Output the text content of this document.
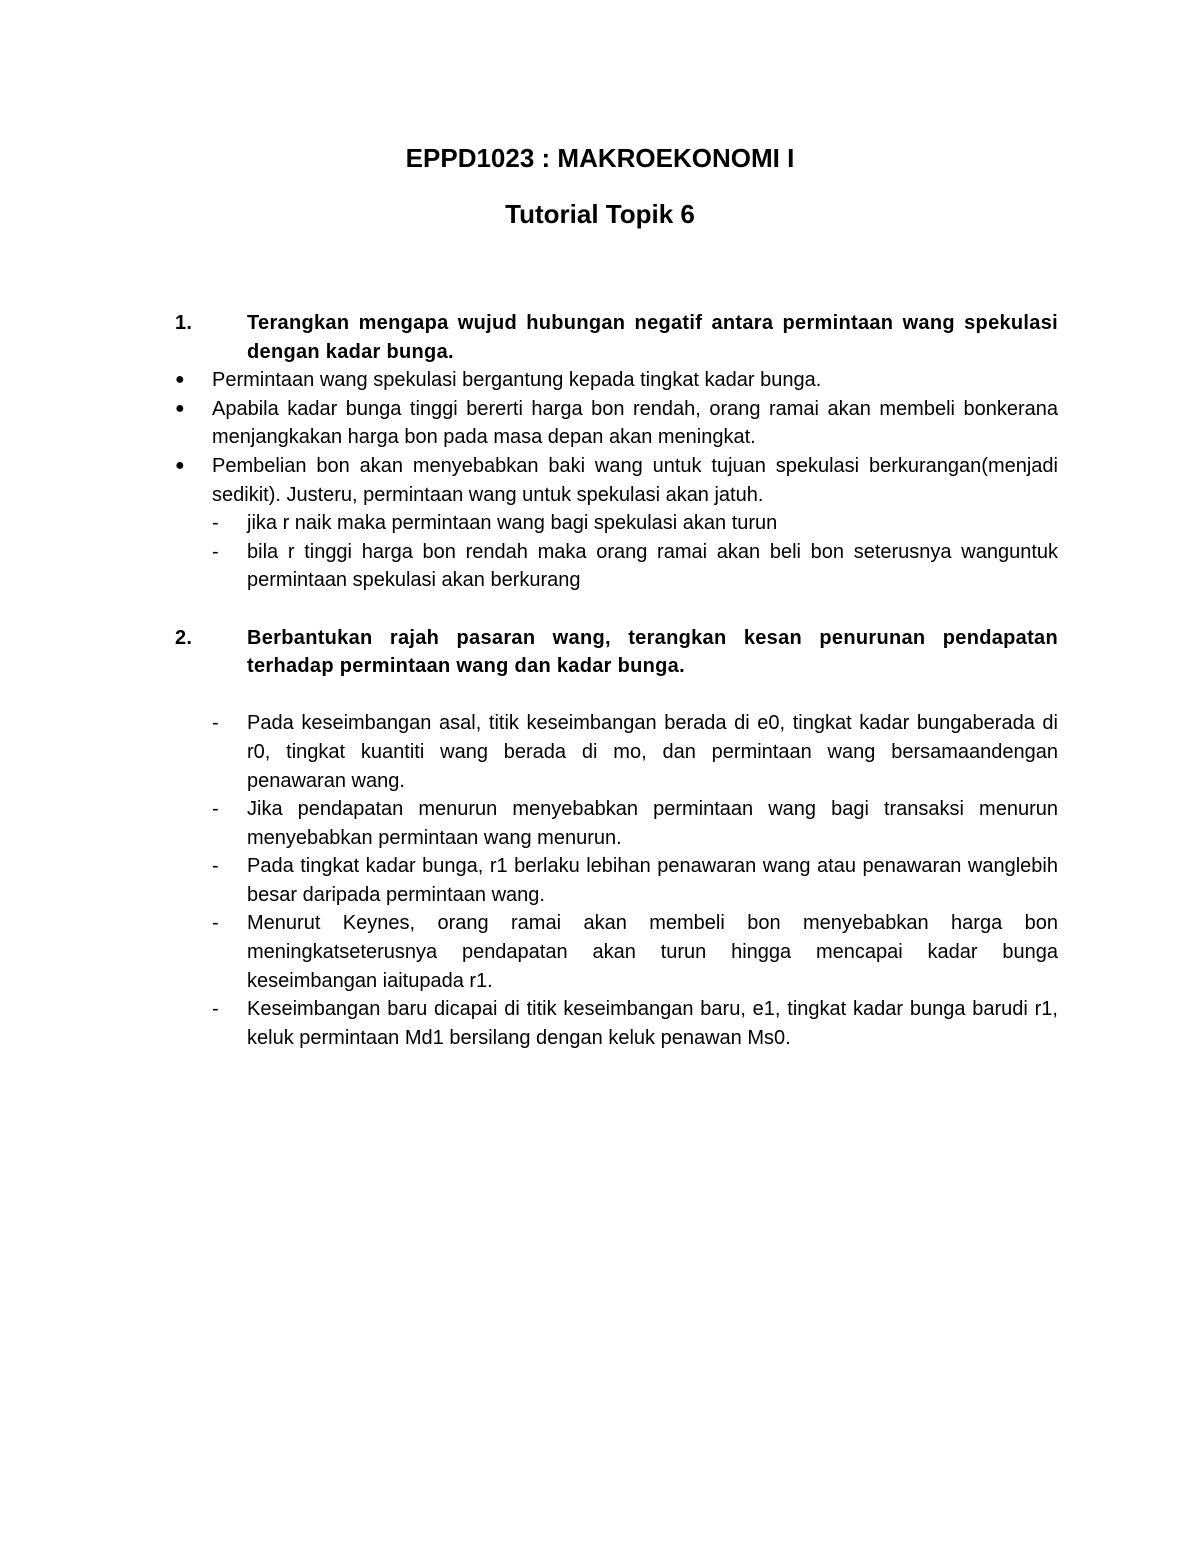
EPPD1023 : MAKROEKONOMI I
Tutorial Topik 6
1.	Terangkan mengapa wujud hubungan negatif antara permintaan wang spekulasi dengan kadar bunga.
●	Permintaan wang spekulasi bergantung kepada tingkat kadar bunga.
●	Apabila kadar bunga tinggi bererti harga bon rendah, orang ramai akan membeli bonkerana menjangkakan harga bon pada masa depan akan meningkat.
●	Pembelian bon akan menyebabkan baki wang untuk tujuan spekulasi berkurangan(menjadi sedikit). Justeru, permintaan wang untuk spekulasi akan jatuh.
-	jika r naik maka permintaan wang bagi spekulasi akan turun
-	bila r tinggi harga bon rendah maka orang ramai akan beli bon seterusnya wanguntuk permintaan spekulasi akan berkurang
2.	Berbantukan rajah pasaran wang, terangkan kesan penurunan pendapatan terhadap permintaan wang dan kadar bunga.
-	Pada keseimbangan asal, titik keseimbangan berada di e0, tingkat kadar bungaberada di r0, tingkat kuantiti wang berada di mo, dan permintaan wang bersamaandengan penawaran wang.
-	Jika pendapatan menurun menyebabkan permintaan wang bagi transaksi menurun menyebabkan permintaan wang menurun.
-	Pada tingkat kadar bunga, r1 berlaku lebihan penawaran wang atau penawaran wanglebih besar daripada permintaan wang.
-	Menurut Keynes, orang ramai akan membeli bon menyebabkan harga bon meningkatseterusnya pendapatan akan turun hingga mencapai kadar bunga keseimbangan iaitupada r1.
-	Keseimbangan baru dicapai di titik keseimbangan baru, e1, tingkat kadar bunga barudi r1, keluk permintaan Md1 bersilang dengan keluk penawan Ms0.
